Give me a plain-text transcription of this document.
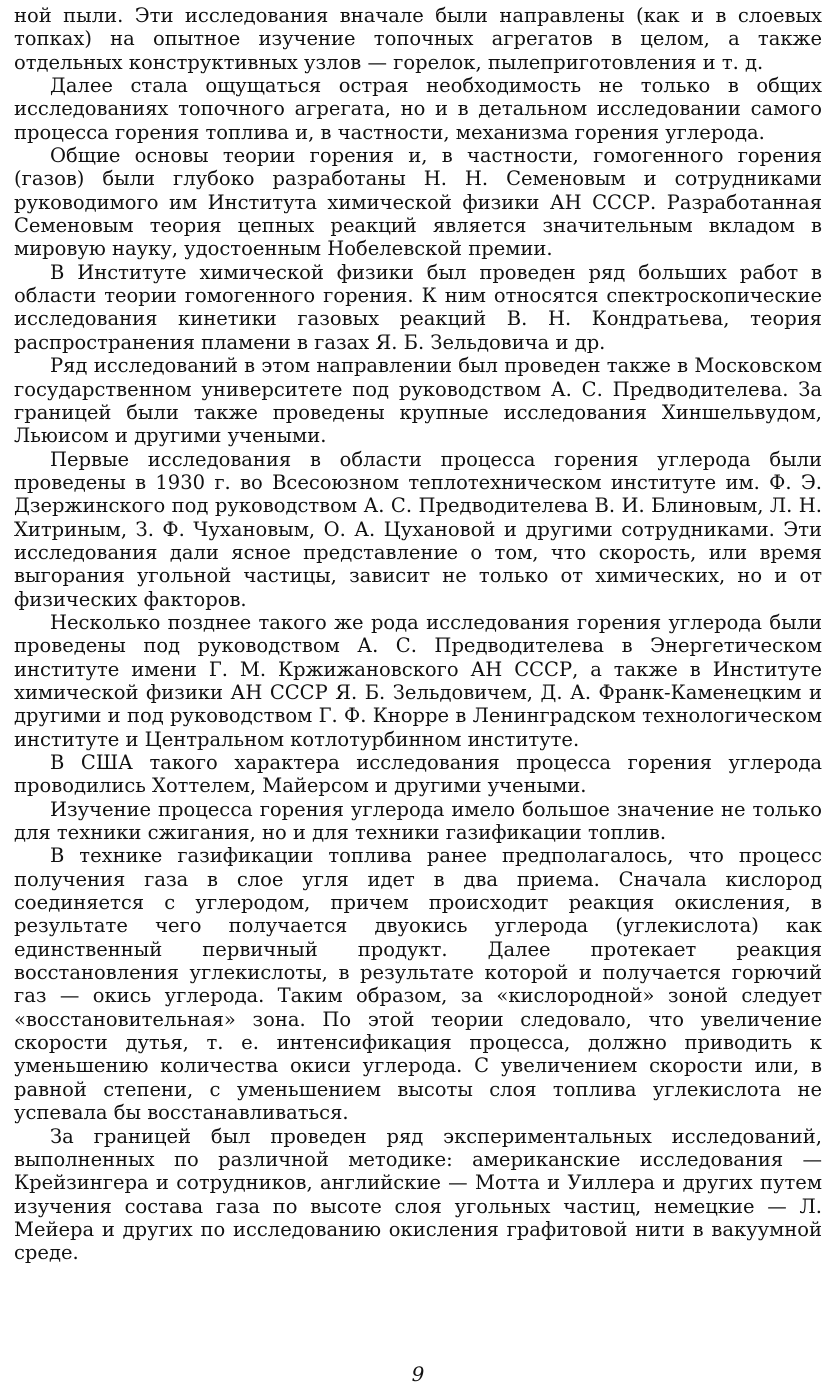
ной пыли. Эти исследования вначале были направлены (как и в слоевых топках) на опытное изучение топочных агрегатов в целом, а также отдельных конструктивных узлов — горелок, пылеприготовления и т. д.

Далее стала ощущаться острая необходимость не только в общих исследованиях топочного агрегата, но и в детальном исследовании самого процесса горения топлива и, в частности, механизма горения углерода.

Общие основы теории горения и, в частности, гомогенного горения (газов) были глубоко разработаны Н. Н. Семеновым и сотрудниками руководимого им Института химической физики АН СССР. Разработанная Семеновым теория цепных реакций является значительным вкладом в мировую науку, удостоенным Нобелевской премии.

В Институте химической физики был проведен ряд больших работ в области теории гомогенного горения. К ним относятся спектроскопические исследования кинетики газовых реакций В. Н. Кондратьева, теория распространения пламени в газах Я. Б. Зельдовича и др.

Ряд исследований в этом направлении был проведен также в Московском государственном университете под руководством А. С. Предводителева. За границей были также проведены крупные исследования Хиншельвудом, Льюисом и другими учеными.

Первые исследования в области процесса горения углерода были проведены в 1930 г. во Всесоюзном теплотехническом институте им. Ф. Э. Дзержинского под руководством А. С. Предводителева В. И. Блиновым, Л. Н. Хитриным, З. Ф. Чухановым, О. А. Цухановой и другими сотрудниками. Эти исследования дали ясное представление о том, что скорость, или время выгорания угольной частицы, зависит не только от химических, но и от физических факторов.

Несколько позднее такого же рода исследования горения углерода были проведены под руководством А. С. Предводителева в Энергетическом институте имени Г. М. Кржижановского АН СССР, а также в Институте химической физики АН СССР Я. Б. Зельдовичем, Д. А. Франк-Каменецким и другими и под руководством Г. Ф. Кнорре в Ленинградском технологическом институте и Центральном котлотурбинном институте.

В США такого характера исследования процесса горения углерода проводились Хоттелем, Майерсом и другими учеными.

Изучение процесса горения углерода имело большое значение не только для техники сжигания, но и для техники газификации топлив.

В технике газификации топлива ранее предполагалось, что процесс получения газа в слое угля идет в два приема. Сначала кислород соединяется с углеродом, причем происходит реакция окисления, в результате чего получается двуокись углерода (углекислота) как единственный первичный продукт. Далее протекает реакция восстановления углекислоты, в результате которой и получается горючий газ — окись углерода. Таким образом, за «кислородной» зоной следует «восстановительная» зона. По этой теории следовало, что увеличение скорости дутья, т. е. интенсификация процесса, должно приводить к уменьшению количества окиси углерода. С увеличением скорости или, в равной степени, с уменьшением высоты слоя топлива углекислота не успевала бы восстанавливаться.

За границей был проведен ряд экспериментальных исследований, выполненных по различной методике: американские исследования — Крейзингера и сотрудников, английские — Мотта и Уиллера и других путем изучения состава газа по высоте слоя угольных частиц, немецкие — Л. Мейера и других по исследованию окисления графитовой нити в вакуумной среде.

9
